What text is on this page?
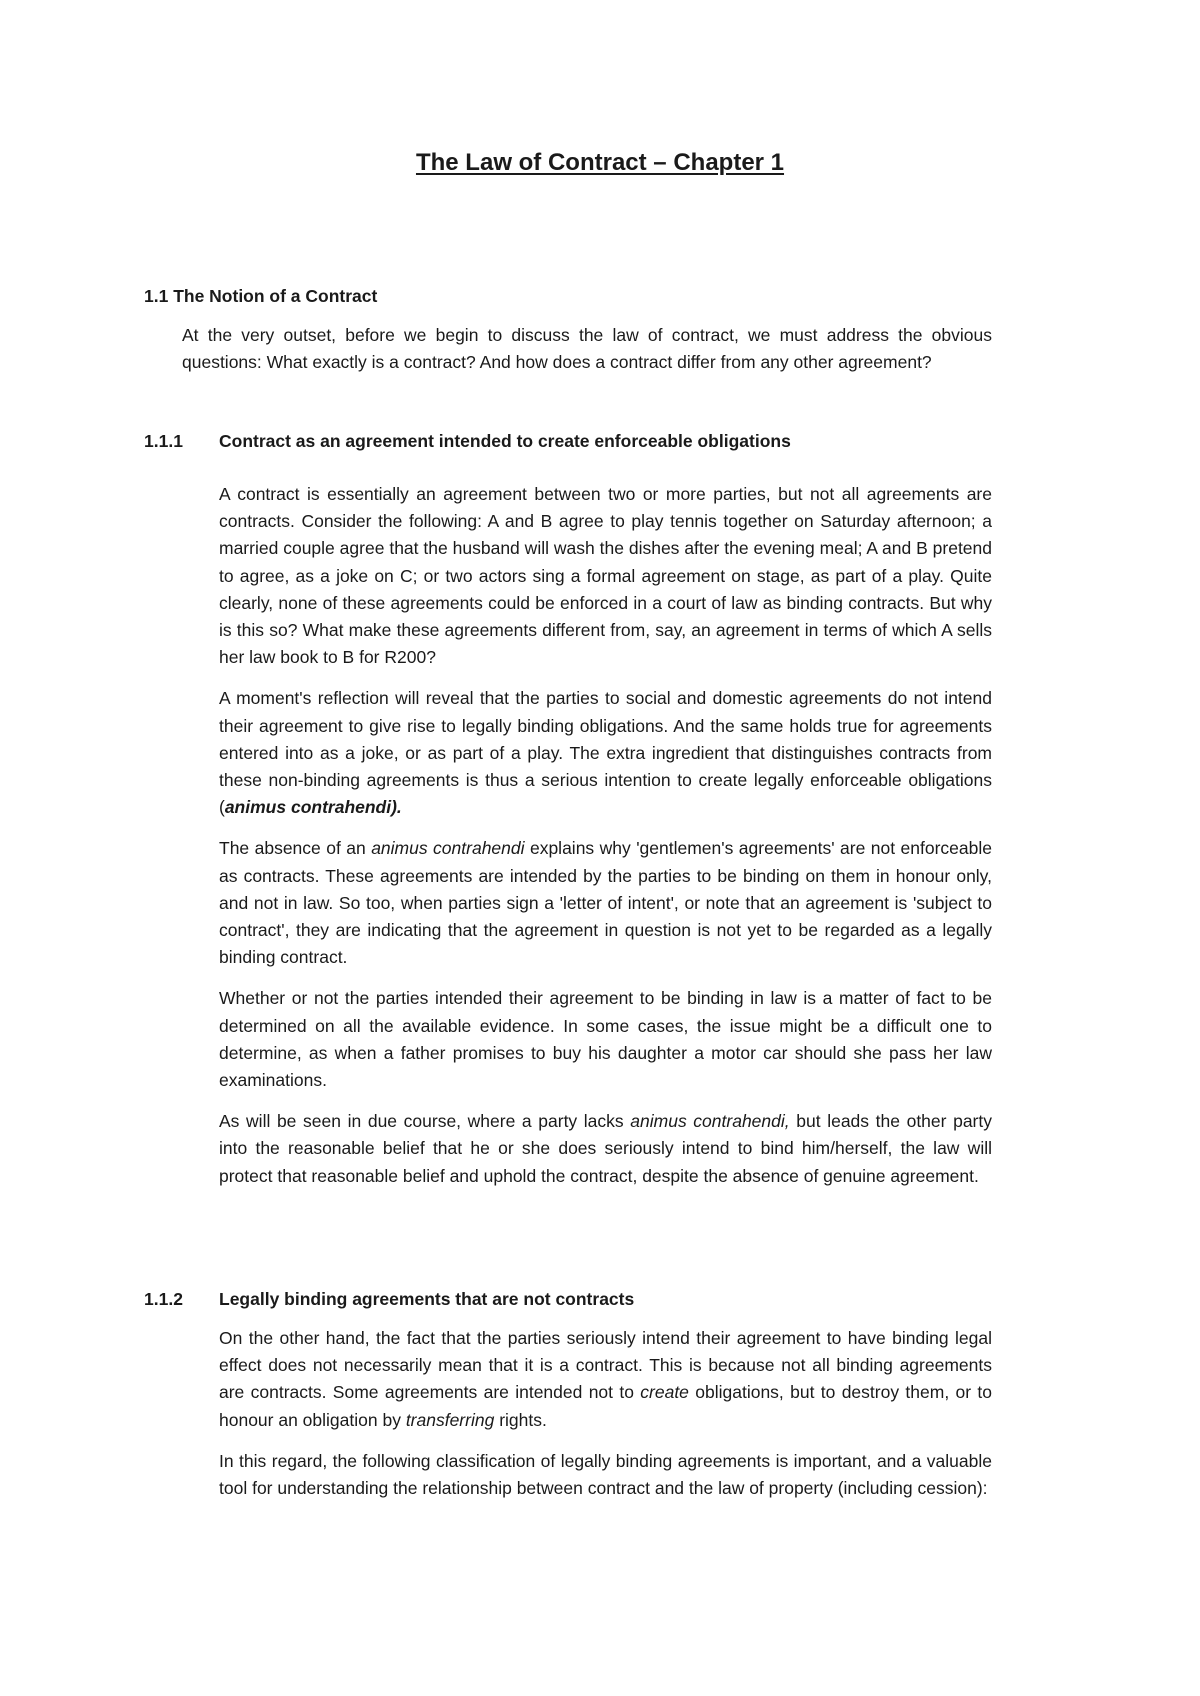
The Law of Contract – Chapter 1
1.1 The Notion of a Contract

At the very outset, before we begin to discuss the law of contract, we must address the obvious questions: What exactly is a contract? And how does a contract differ from any other agreement?

1.1.1 Contract as an agreement intended to create enforceable obligations

A contract is essentially an agreement between two or more parties, but not all agreements are contracts. Consider the following: A and B agree to play tennis together on Saturday afternoon; a married couple agree that the husband will wash the dishes after the evening meal; A and B pretend to agree, as a joke on C; or two actors sing a formal agreement on stage, as part of a play. Quite clearly, none of these agreements could be enforced in a court of law as binding contracts. But why is this so? What make these agreements different from, say, an agreement in terms of which A sells her law book to B for R200?

A moment's reflection will reveal that the parties to social and domestic agreements do not intend their agreement to give rise to legally binding obligations. And the same holds true for agreements entered into as a joke, or as part of a play. The extra ingredient that distinguishes contracts from these non-binding agreements is thus a serious intention to create legally enforceable obligations (animus contrahendi).

The absence of an animus contrahendi explains why 'gentlemen's agreements' are not enforceable as contracts. These agreements are intended by the parties to be binding on them in honour only, and not in law. So too, when parties sign a 'letter of intent', or note that an agreement is 'subject to contract', they are indicating that the agreement in question is not yet to be regarded as a legally binding contract.

Whether or not the parties intended their agreement to be binding in law is a matter of fact to be determined on all the available evidence. In some cases, the issue might be a difficult one to determine, as when a father promises to buy his daughter a motor car should she pass her law examinations.

As will be seen in due course, where a party lacks animus contrahendi, but leads the other party into the reasonable belief that he or she does seriously intend to bind him/herself, the law will protect that reasonable belief and uphold the contract, despite the absence of genuine agreement.

1.1.2 Legally binding agreements that are not contracts

On the other hand, the fact that the parties seriously intend their agreement to have binding legal effect does not necessarily mean that it is a contract. This is because not all binding agreements are contracts. Some agreements are intended not to create obligations, but to destroy them, or to honour an obligation by transferring rights.

In this regard, the following classification of legally binding agreements is important, and a valuable tool for understanding the relationship between contract and the law of property (including cession):
